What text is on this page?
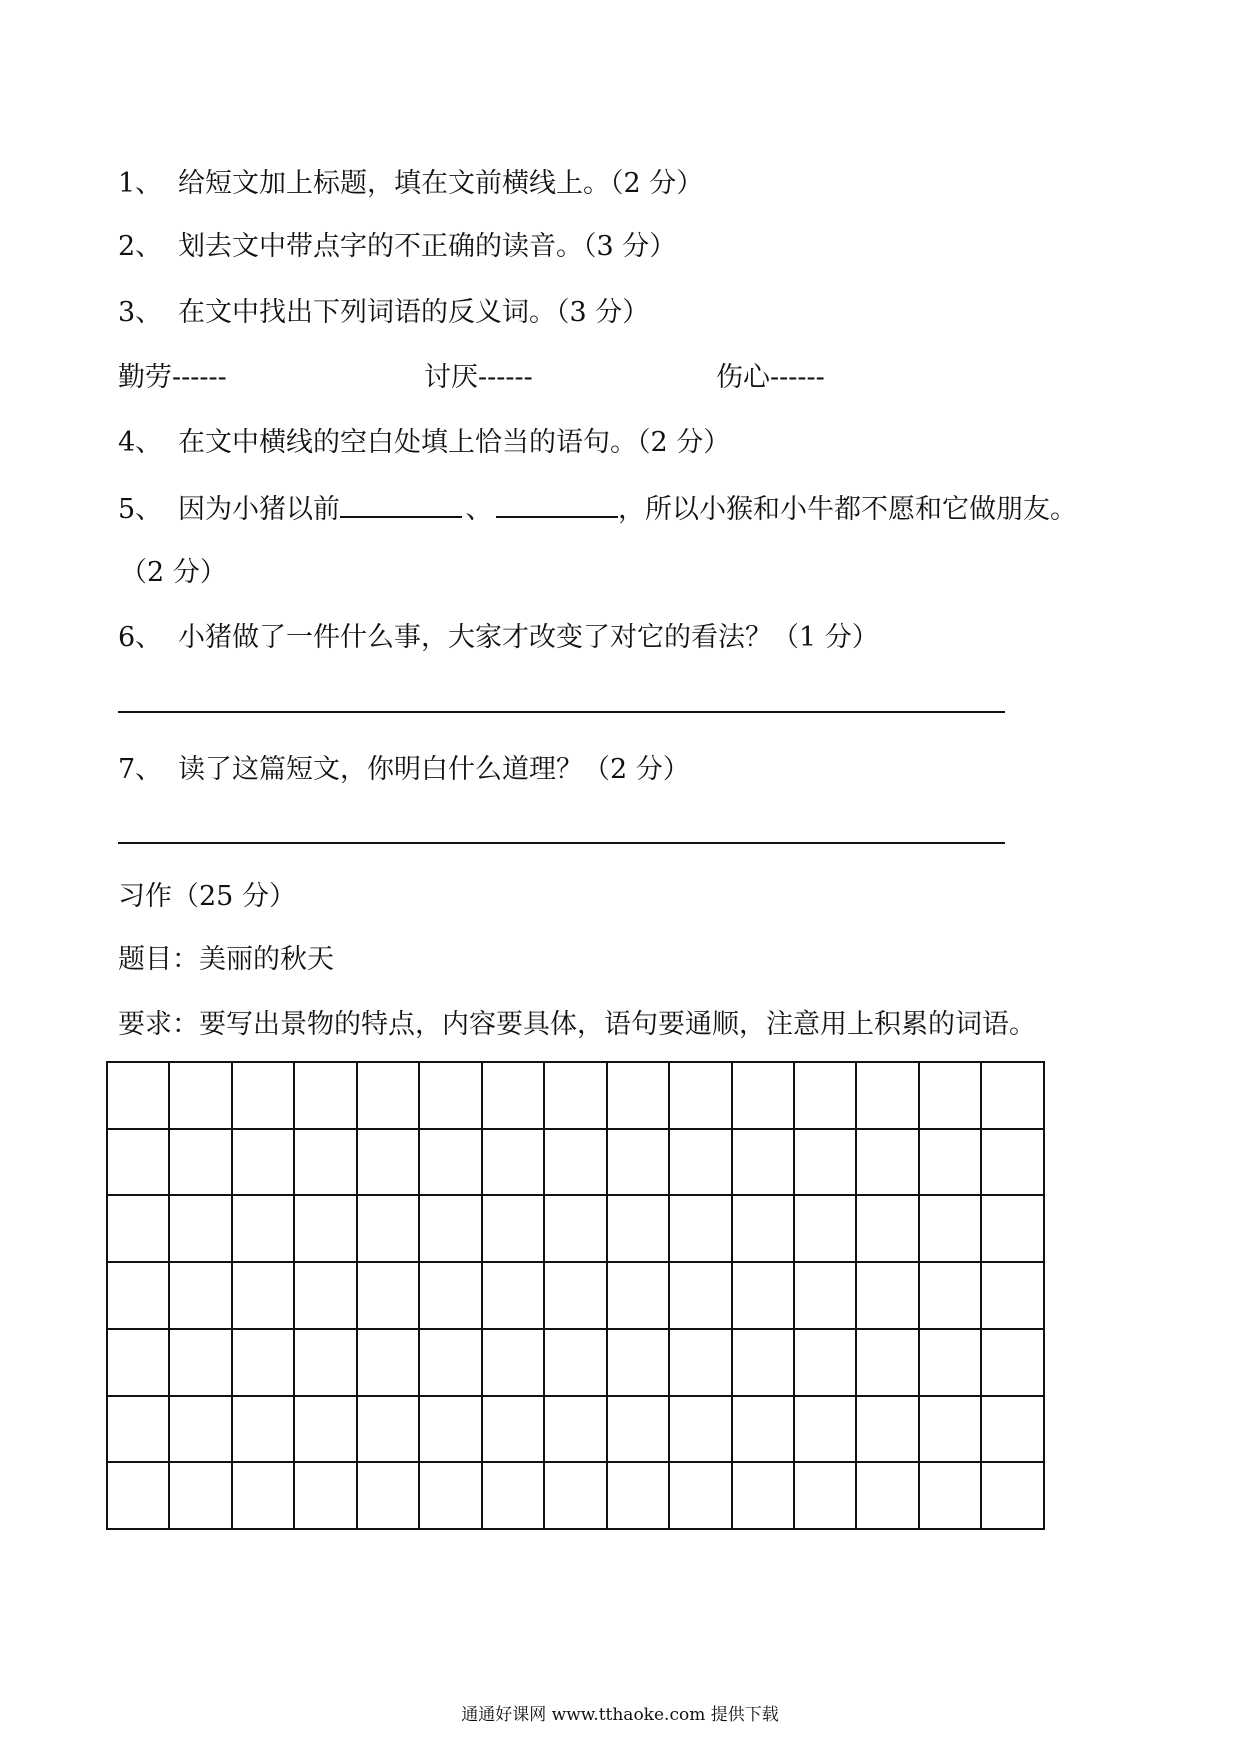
1、 给短文加上标题，填在文前横线上。（2 分）
2、 划去文中带点字的不正确的读音。（3 分）
3、 在文中找出下列词语的反义词。（3 分）
勤劳------	讨厌------	伤心------
4、 在文中横线的空白处填上恰当的语句。（2 分）
5、 因为小猪以前	、	，所以小猴和小牛都不愿和它做朋友。
（2 分）
6、 小猪做了一件什么事，大家才改变了对它的看法？（1 分）
7、 读了这篇短文，你明白什么道理？（2 分）
习作（25 分）
题目：美丽的秋天
要求：要写出景物的特点，内容要具体，语句要通顺，注意用上积累的词语。

通通好课网 www.tthaoke.com 提供下载
